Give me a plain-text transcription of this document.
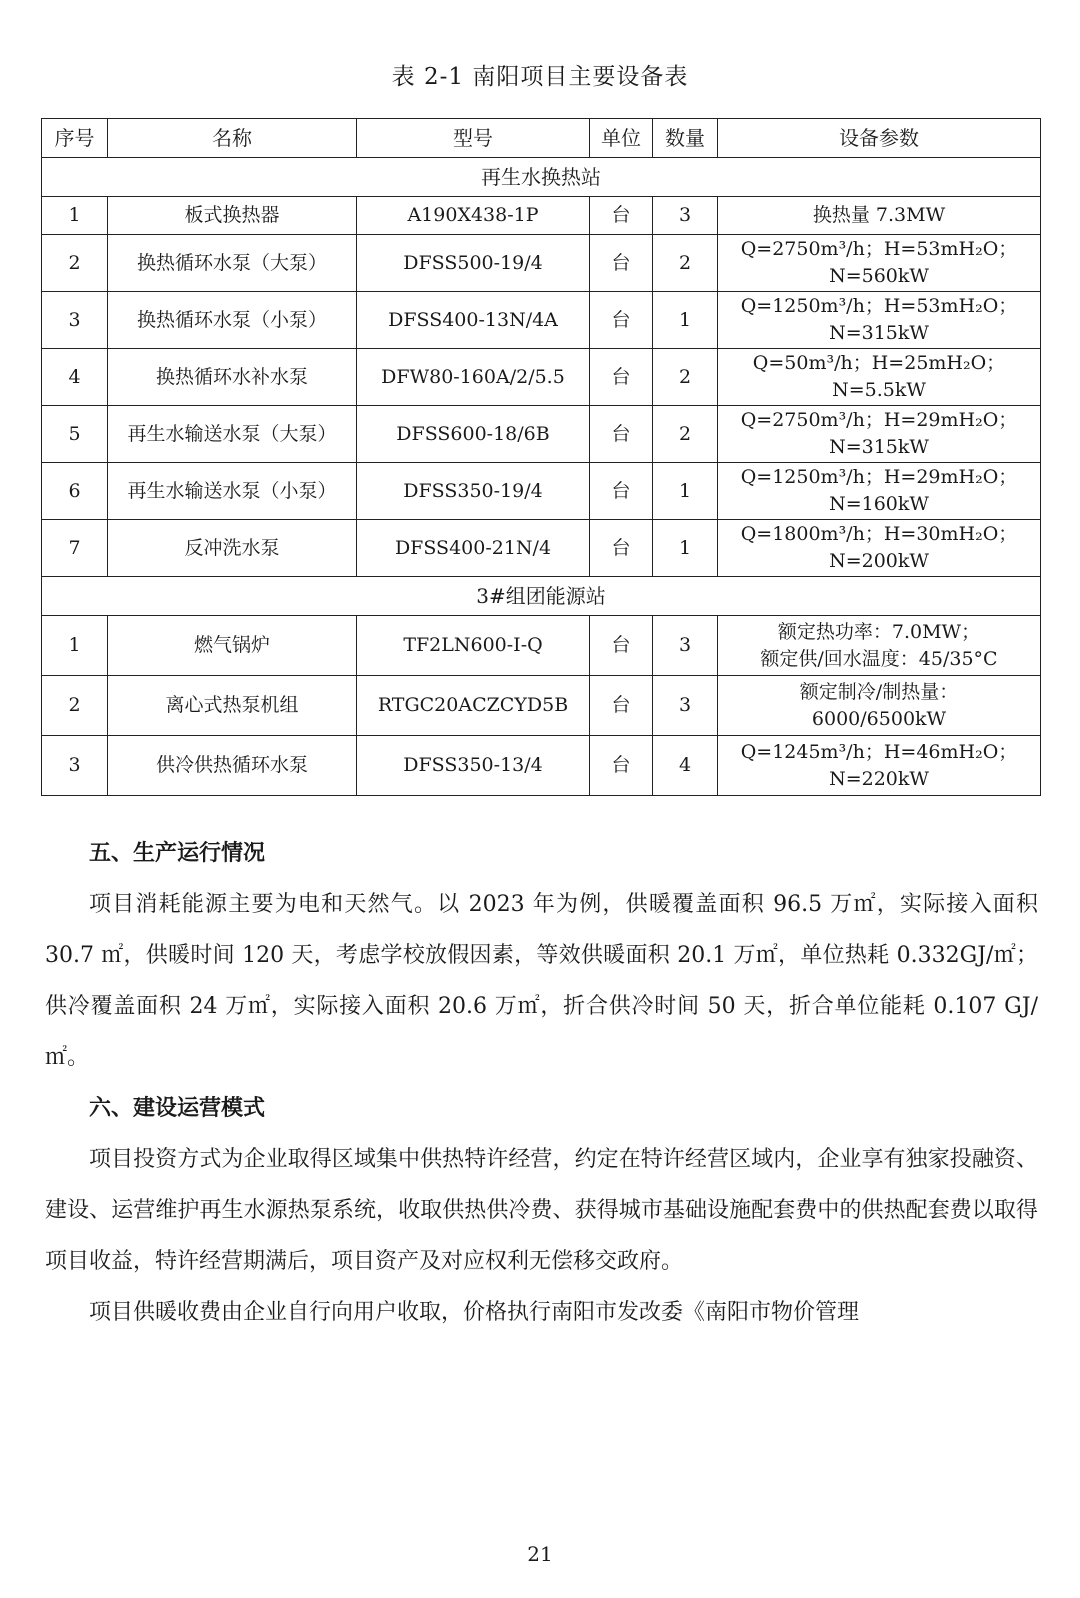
表 2-1 南阳项目主要设备表
序号	名称	型号	单位	数量	设备参数
再生水换热站					
1	板式换热器	A190X438-1P	台	3	换热量 7.3MW
2	换热循环水泵（大泵）	DFSS500-19/4	台	2	Q=2750m³/h；H=53mH₂O；
N=560kW
3	换热循环水泵（小泵）	DFSS400-13N/4A	台	1	Q=1250m³/h；H=53mH₂O；
N=315kW
4	换热循环水补水泵	DFW80-160A/2/5.5	台	2	Q=50m³/h；H=25mH₂O；
N=5.5kW
5	再生水输送水泵（大泵）	DFSS600-18/6B	台	2	Q=2750m³/h；H=29mH₂O；
N=315kW
6	再生水输送水泵（小泵）	DFSS350-19/4	台	1	Q=1250m³/h；H=29mH₂O；
N=160kW
7	反冲洗水泵	DFSS400-21N/4	台	1	Q=1800m³/h；H=30mH₂O；
N=200kW
3#组团能源站					
1	燃气锅炉	TF2LN600-I-Q	台	3	额定热功率：7.0MW；
额定供/回水温度：45/35°C
2	离心式热泵机组	RTGC20ACZCYD5B	台	3	额定制冷/制热量：
6000/6500kW
3	供冷供热循环水泵	DFSS350-13/4	台	4	Q=1245m³/h；H=46mH₂O；
N=220kW

五、生产运行情况

项目消耗能源主要为电和天然气。以 2023 年为例，供暖覆盖面积 96.5 万㎡，实际接入面积 30.7 ㎡，供暖时间 120 天，考虑学校放假因素，等效供暖面积 20.1 万㎡，单位热耗 0.332GJ/㎡；供冷覆盖面积 24 万㎡，实际接入面积 20.6 万㎡，折合供冷时间 50 天，折合单位能耗 0.107 GJ/㎡。

六、建设运营模式

项目投资方式为企业取得区域集中供热特许经营，约定在特许经营区域内，企业享有独家投融资、建设、运营维护再生水源热泵系统，收取供热供冷费、获得城市基础设施配套费中的供热配套费以取得项目收益，特许经营期满后，项目资产及对应权利无偿移交政府。

项目供暖收费由企业自行向用户收取，价格执行南阳市发改委《南阳市物价管理

21
